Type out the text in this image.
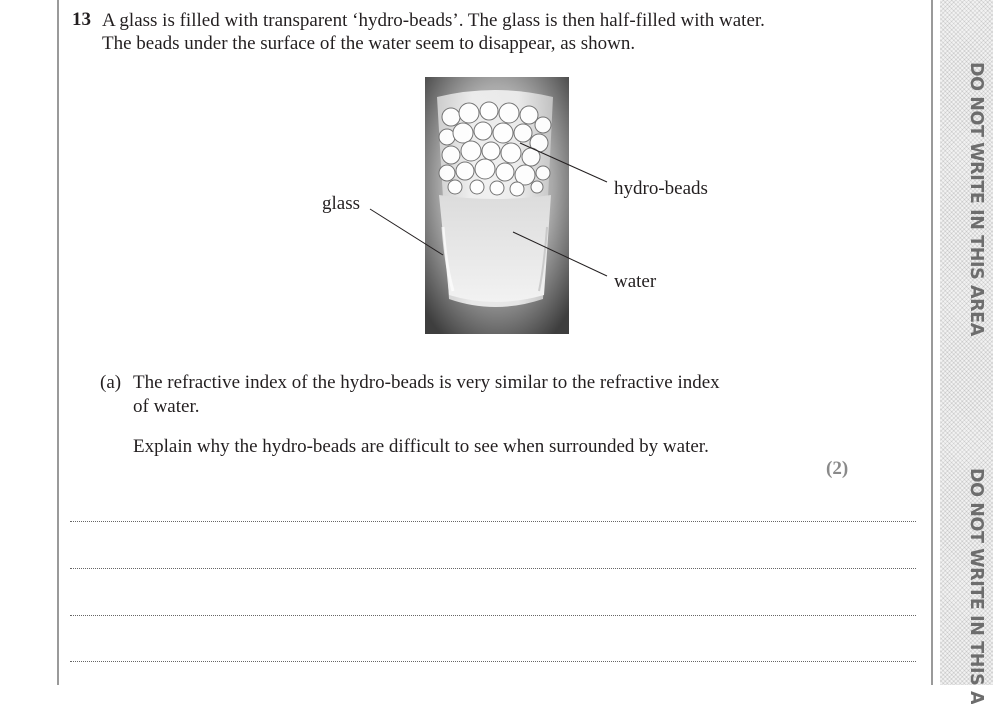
DO NOT WRITE IN THIS AREA
DO NOT WRITE IN THIS A
13 A glass is filled with transparent ‘hydro-beads’. The glass is then half-filled with water.
The beads under the surface of the water seem to disappear, as shown.
hydro-beads
water
glass
(a) The refractive index of the hydro-beads is very similar to the refractive index
of water.
Explain why the hydro-beads are difficult to see when surrounded by water.
(2)
